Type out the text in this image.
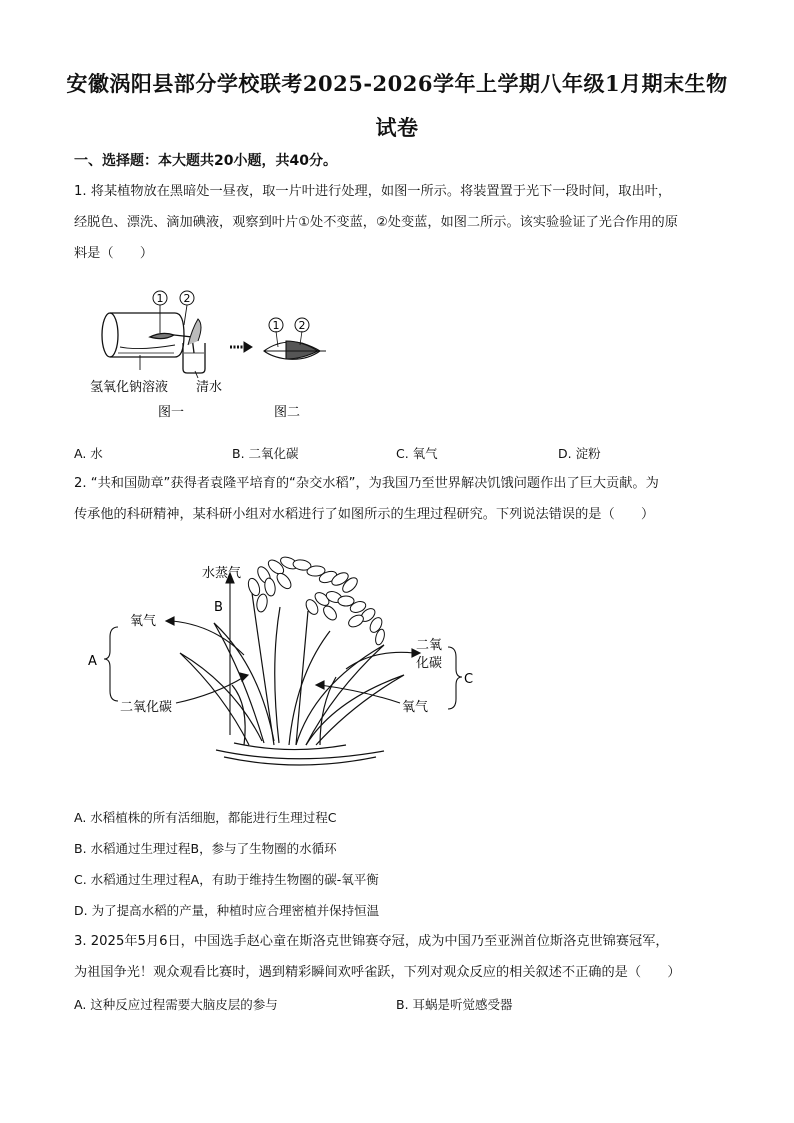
安徽涡阳县部分学校联考2025-2026学年上学期八年级1月期末生物
试卷
一、选择题：本大题共20小题，共40分。
1. 将某植物放在黑暗处一昼夜，取一片叶进行处理，如图一所示。将装置置于光下一段时间，取出叶，
经脱色、漂洗、滴加碘液，观察到叶片①处不变蓝，②处变蓝，如图二所示。该实验验证了光合作用的原
料是（　　）
1 2
氢氧化钠溶液 清水
图一
1 2
图二
A. 水	B. 二氧化碳	C. 氧气	D. 淀粉
2. “共和国勋章”获得者袁隆平培育的“杂交水稻”，为我国乃至世界解决饥饿问题作出了巨大贡献。为
传承他的科研精神，某科研小组对水稻进行了如图所示的生理过程研究。下列说法错误的是（　　）
水蒸气
B
氧气
A
二氧化碳
二氧
化碳
C
氧气
A. 水稻植株的所有活细胞，都能进行生理过程C
B. 水稻通过生理过程B，参与了生物圈的水循环
C. 水稻通过生理过程A，有助于维持生物圈的碳-氧平衡
D. 为了提高水稻的产量，种植时应合理密植并保持恒温
3. 2025年5月6日，中国选手赵心童在斯洛克世锦赛夺冠，成为中国乃至亚洲首位斯洛克世锦赛冠军，
为祖国争光！观众观看比赛时，遇到精彩瞬间欢呼雀跃，下列对观众反应的相关叙述不正确的是（　　）
A. 这种反应过程需要大脑皮层的参与	B. 耳蜗是听觉感受器
